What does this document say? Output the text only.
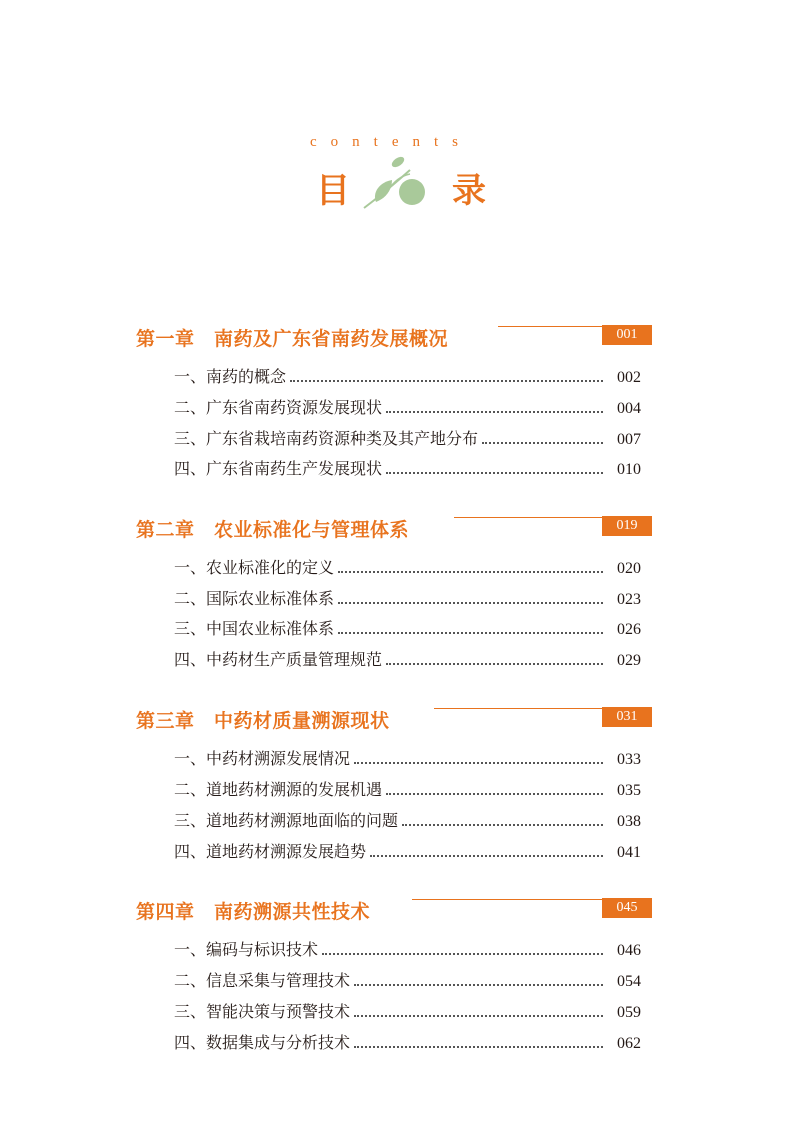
contents
目	录
第一章　南药及广东省南药发展概况	001
一、南药的概念	002
二、广东省南药资源发展现状	004
三、广东省栽培南药资源种类及其产地分布	007
四、广东省南药生产发展现状	010
第二章　农业标准化与管理体系	019
一、农业标准化的定义	020
二、国际农业标准体系	023
三、中国农业标准体系	026
四、中药材生产质量管理规范	029
第三章　中药材质量溯源现状	031
一、中药材溯源发展情况	033
二、道地药材溯源的发展机遇	035
三、道地药材溯源地面临的问题	038
四、道地药材溯源发展趋势	041
第四章　南药溯源共性技术	045
一、编码与标识技术	046
二、信息采集与管理技术	054
三、智能决策与预警技术	059
四、数据集成与分析技术	062
